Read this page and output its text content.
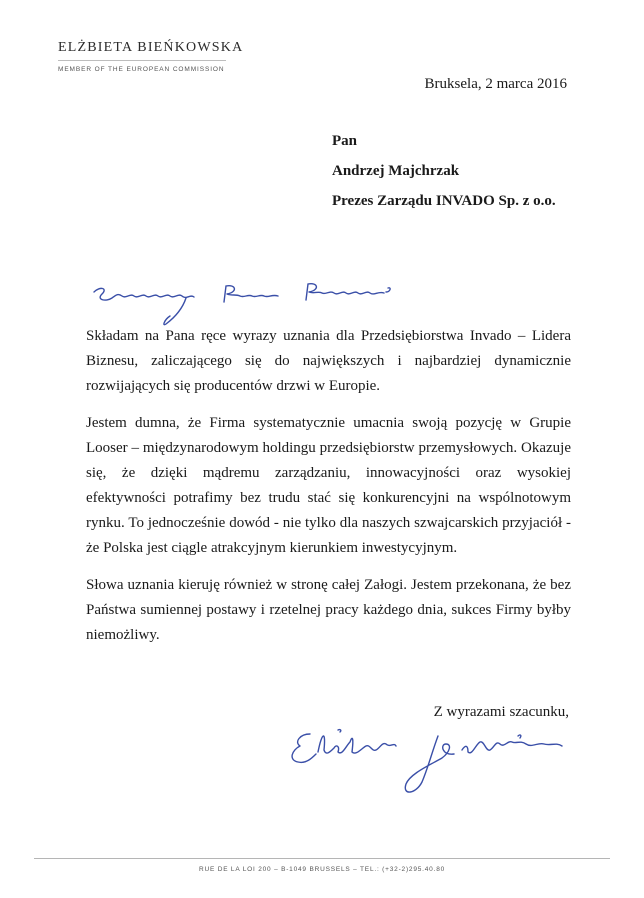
ELŻBIETA BIEŃKOWSKA
MEMBER OF THE EUROPEAN COMMISSION
Bruksela, 2 marca 2016
Pan
Andrzej Majchrzak
Prezes Zarządu INVADO Sp. z o.o.

Składam na Pana ręce wyrazy uznania dla Przedsiębiorstwa Invado – Lidera Biznesu, zaliczającego się do największych i najbardziej dynamicznie rozwijających się producentów drzwi w Europie.

Jestem dumna, że Firma systematycznie umacnia swoją pozycję w Grupie Looser – międzynarodowym holdingu przedsiębiorstw przemysłowych. Okazuje się, że dzięki mądremu zarządzaniu, innowacyjności oraz wysokiej efektywności potrafimy bez trudu stać się konkurencyjni na wspólnotowym rynku. To jednocześnie dowód - nie tylko dla naszych szwajcarskich przyjaciół - że Polska jest ciągle atrakcyjnym kierunkiem inwestycyjnym.

Słowa uznania kieruję również w stronę całej Załogi. Jestem przekonana, że bez Państwa sumiennej postawy i rzetelnej pracy każdego dnia, sukces Firmy byłby niemożliwy.

Z wyrazami szacunku,
RUE DE LA LOI 200 – B-1049 BRUSSELS – TEL.: (+32-2)295.40.80
